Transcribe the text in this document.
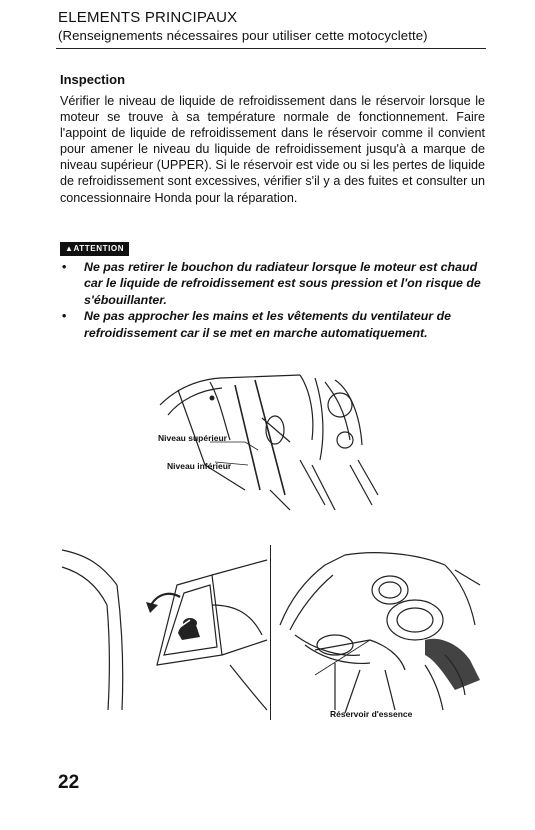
ELEMENTS PRINCIPAUX
(Renseignements nécessaires pour utiliser cette motocyclette)
Inspection
Vérifier le niveau de liquide de refroidissement dans le réservoir lorsque le moteur se trouve à sa température normale de fonctionnement. Faire l'appoint de liquide de refroidissement dans le réservoir comme il convient pour amener le niveau du liquide de refroidissement jusqu'à a marque de niveau supérieur (UPPER). Si le réservoir est vide ou si les pertes de liquide de refroidissement sont excessives, vérifier s'il y a des fuites et consulter un concessionnaire Honda pour la réparation.
▲ATTENTION
• Ne pas retirer le bouchon du radiateur lorsque le moteur est chaud car le liquide de refroidissement est sous pression et l'on risque de s'ébouillanter.
• Ne pas approcher les mains et les vêtements du ventilateur de refroidissement car il se met en marche automatiquement.
Niveau supérieur
Niveau inférieur
Réservoir d'essence
22
